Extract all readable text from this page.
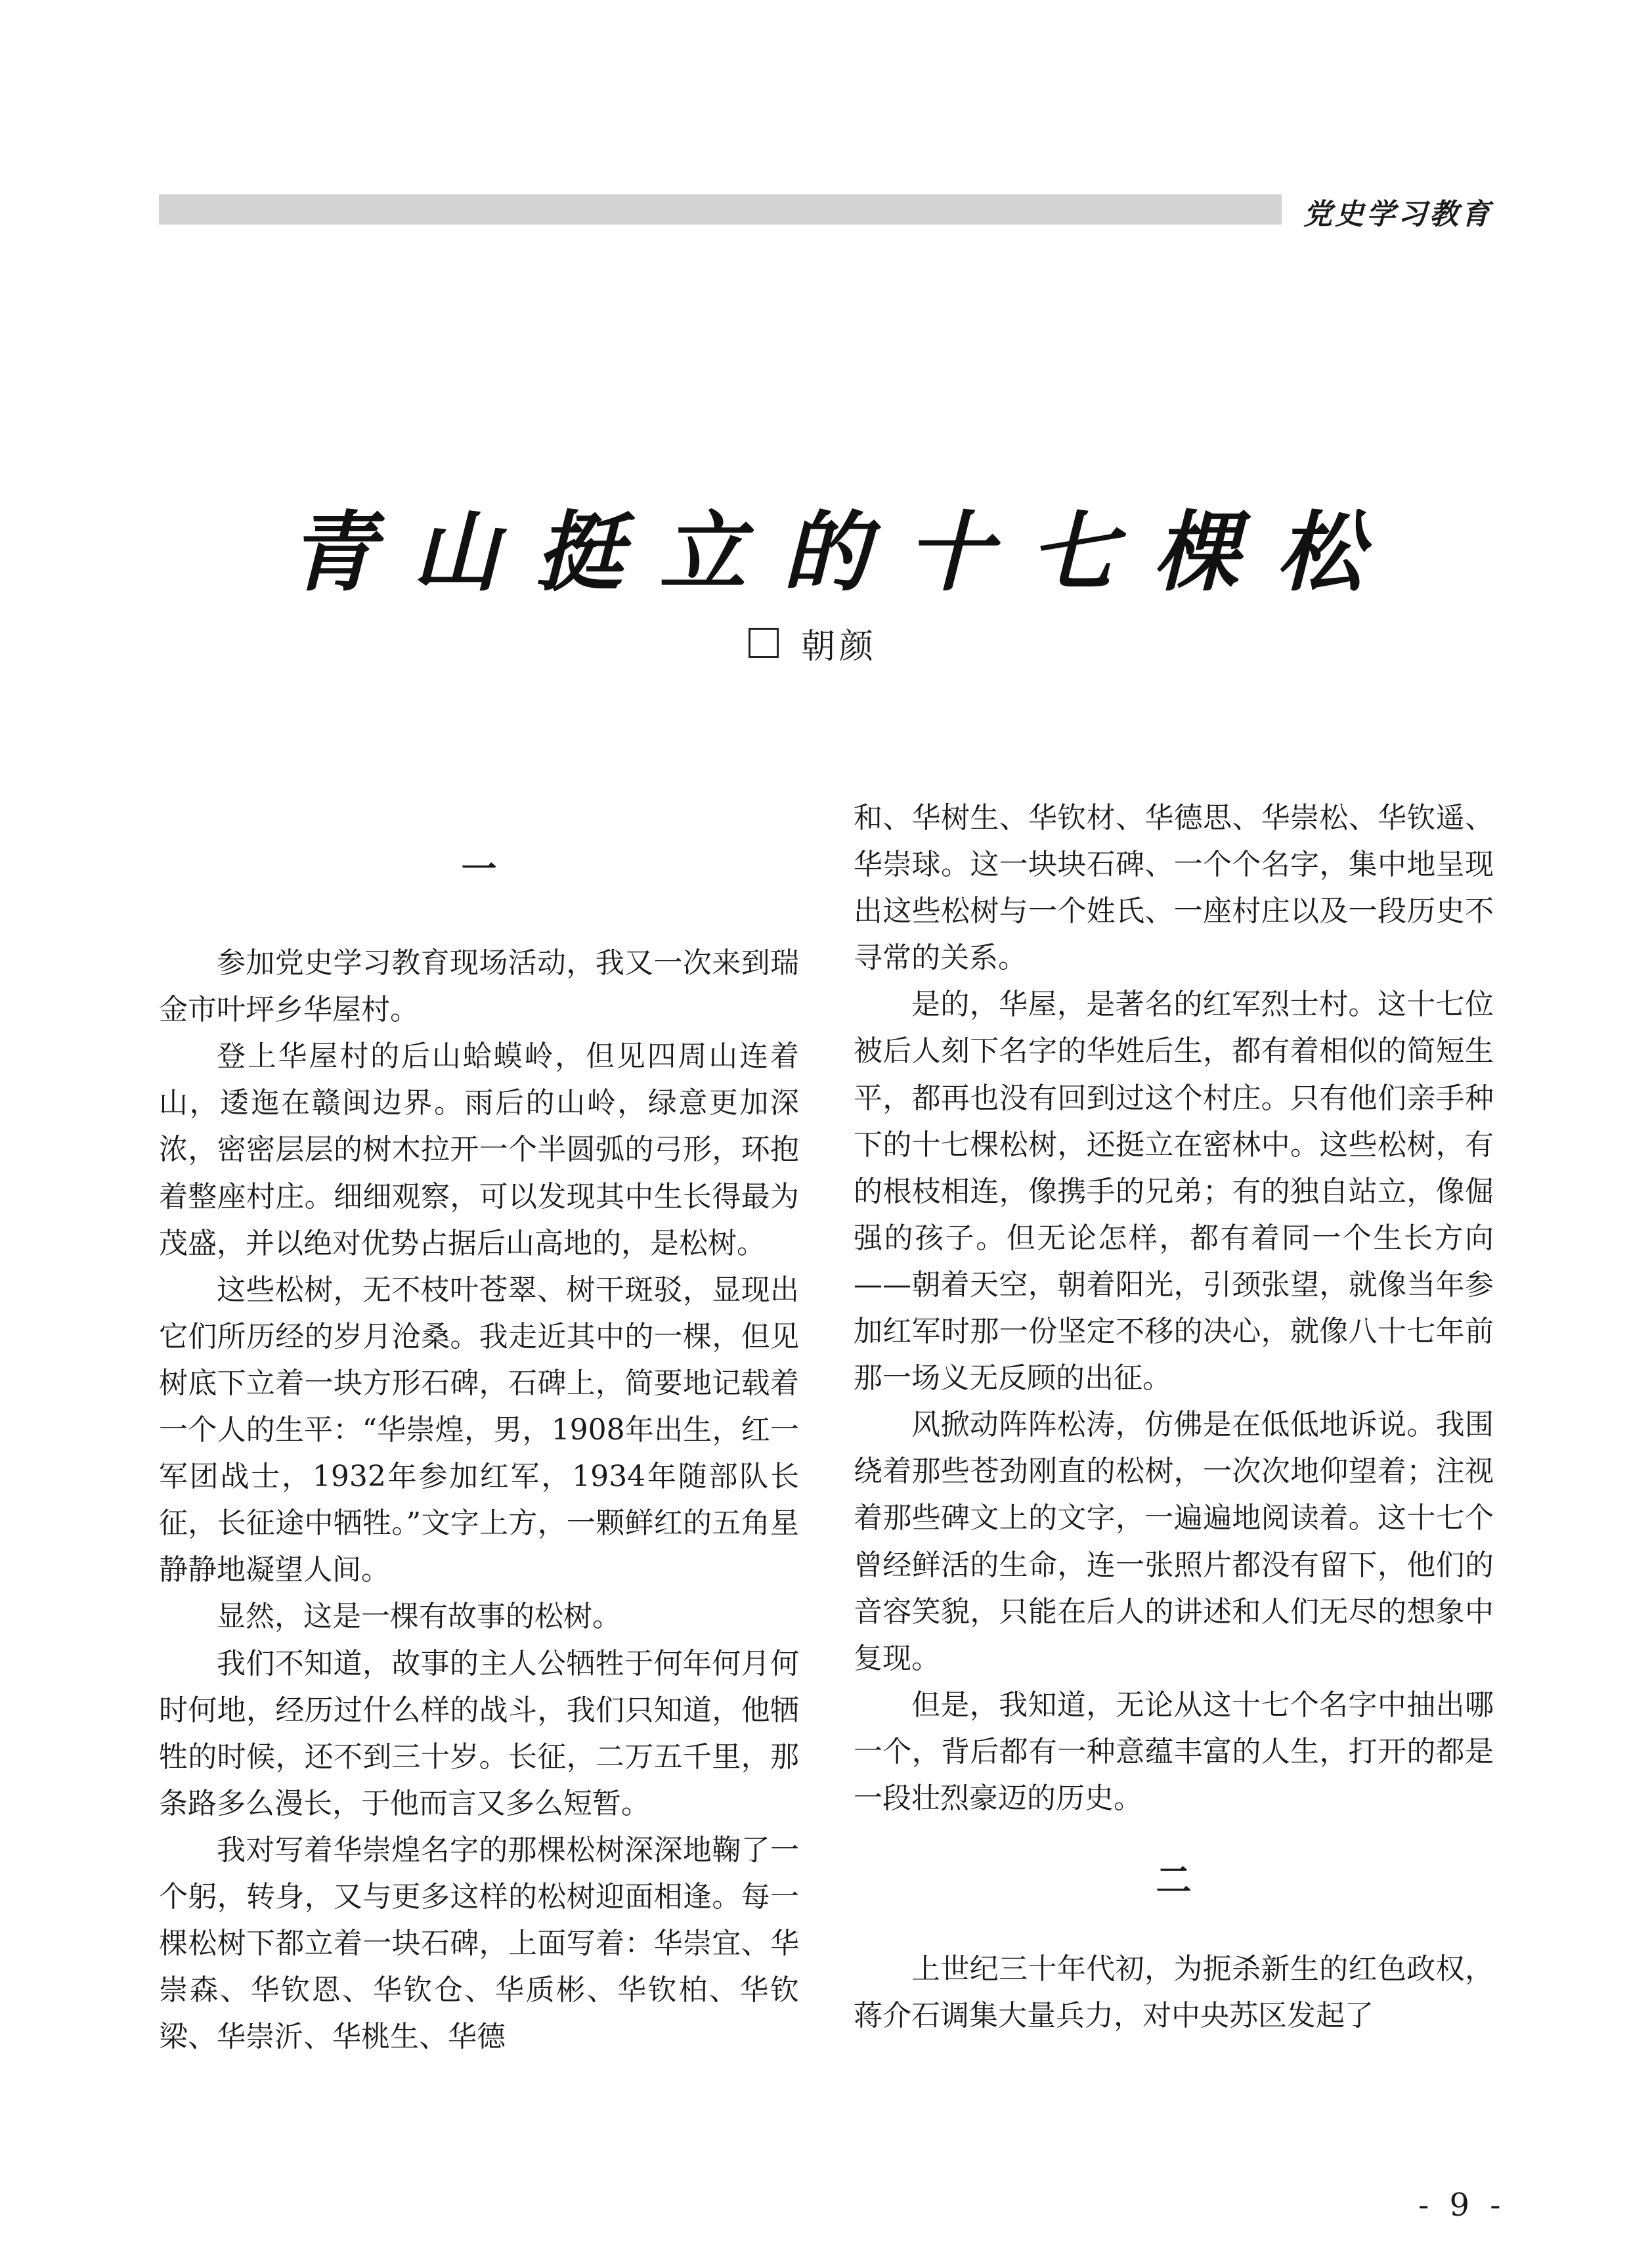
党史学习教育
青山挺立的十七棵松
朝颜
一

参加党史学习教育现场活动，我又一次来到瑞金市叶坪乡华屋村。

登上华屋村的后山蛤蟆岭，但见四周山连着山，逶迤在赣闽边界。雨后的山岭，绿意更加深浓，密密层层的树木拉开一个半圆弧的弓形，环抱着整座村庄。细细观察，可以发现其中生长得最为茂盛，并以绝对优势占据后山高地的，是松树。

这些松树，无不枝叶苍翠、树干斑驳，显现出它们所历经的岁月沧桑。我走近其中的一棵，但见树底下立着一块方形石碑，石碑上，简要地记载着一个人的生平：“华崇煌，男，1908年出生，红一军团战士，1932年参加红军，1934年随部队长征，长征途中牺牲。”文字上方，一颗鲜红的五角星静静地凝望人间。

显然，这是一棵有故事的松树。

我们不知道，故事的主人公牺牲于何年何月何时何地，经历过什么样的战斗，我们只知道，他牺牲的时候，还不到三十岁。长征，二万五千里，那条路多么漫长，于他而言又多么短暂。

我对写着华崇煌名字的那棵松树深深地鞠了一个躬，转身，又与更多这样的松树迎面相逢。每一棵松树下都立着一块石碑，上面写着：华崇宜、华崇森、华钦恩、华钦仓、华质彬、华钦柏、华钦梁、华崇沂、华桃生、华德

和、华树生、华钦材、华德思、华崇松、华钦遥、华崇球。这一块块石碑、一个个名字，集中地呈现出这些松树与一个姓氏、一座村庄以及一段历史不寻常的关系。

是的，华屋，是著名的红军烈士村。这十七位被后人刻下名字的华姓后生，都有着相似的简短生平，都再也没有回到过这个村庄。只有他们亲手种下的十七棵松树，还挺立在密林中。这些松树，有的根枝相连，像携手的兄弟；有的独自站立，像倔强的孩子。但无论怎样，都有着同一个生长方向——朝着天空，朝着阳光，引颈张望，就像当年参加红军时那一份坚定不移的决心，就像八十七年前那一场义无反顾的出征。

风掀动阵阵松涛，仿佛是在低低地诉说。我围绕着那些苍劲刚直的松树，一次次地仰望着；注视着那些碑文上的文字，一遍遍地阅读着。这十七个曾经鲜活的生命，连一张照片都没有留下，他们的音容笑貌，只能在后人的讲述和人们无尽的想象中复现。

但是，我知道，无论从这十七个名字中抽出哪一个，背后都有一种意蕴丰富的人生，打开的都是一段壮烈豪迈的历史。

二

上世纪三十年代初，为扼杀新生的红色政权，蒋介石调集大量兵力，对中央苏区发起了

- 9 -
